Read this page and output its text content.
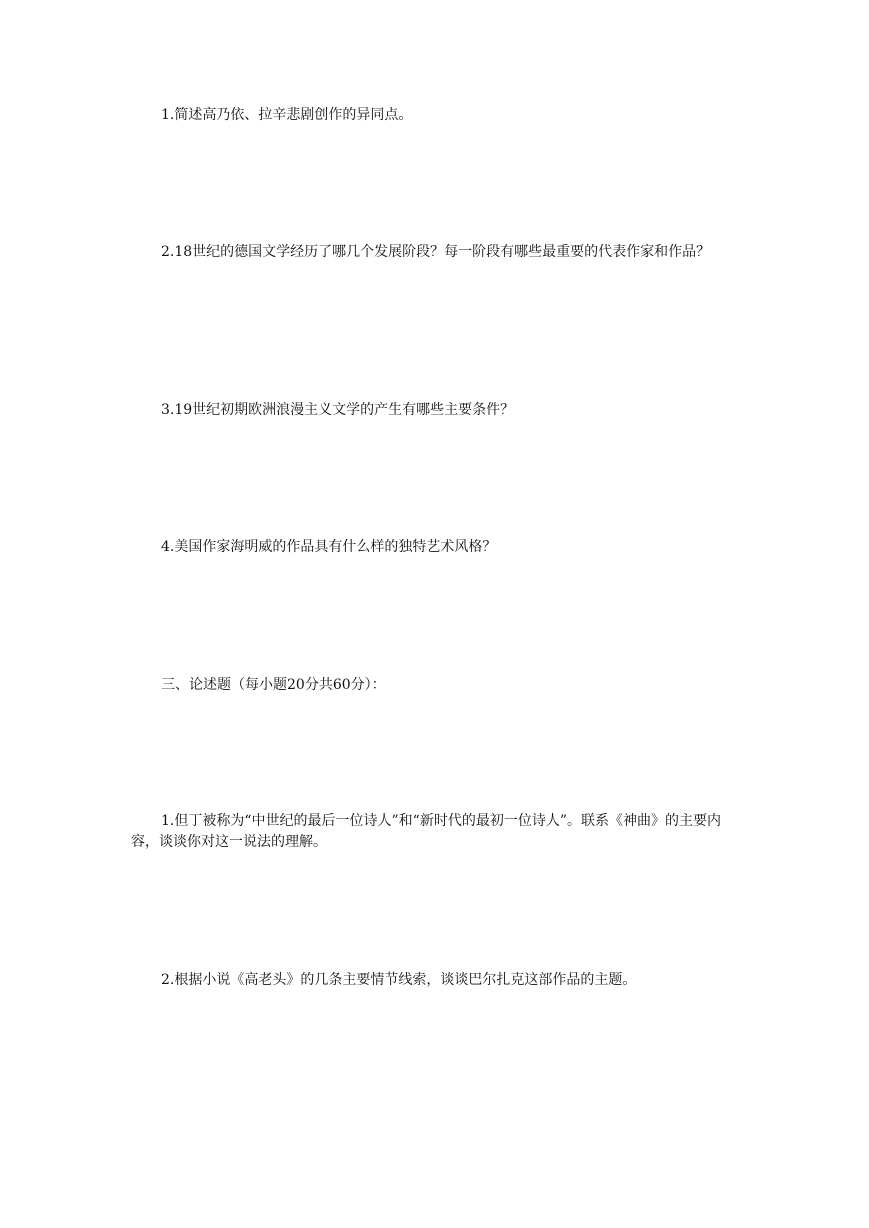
1.简述高乃依、拉辛悲剧创作的异同点。

2.18世纪的德国文学经历了哪几个发展阶段？每一阶段有哪些最重要的代表作家和作品？

3.19世纪初期欧洲浪漫主义文学的产生有哪些主要条件？

4.美国作家海明威的作品具有什么样的独特艺术风格？

三、论述题（每小题20分共60分）：

1.但丁被称为“中世纪的最后一位诗人”和“新时代的最初一位诗人”。联系《神曲》的主要内容，谈谈你对这一说法的理解。

2.根据小说《高老头》的几条主要情节线索，谈谈巴尔扎克这部作品的主题。
